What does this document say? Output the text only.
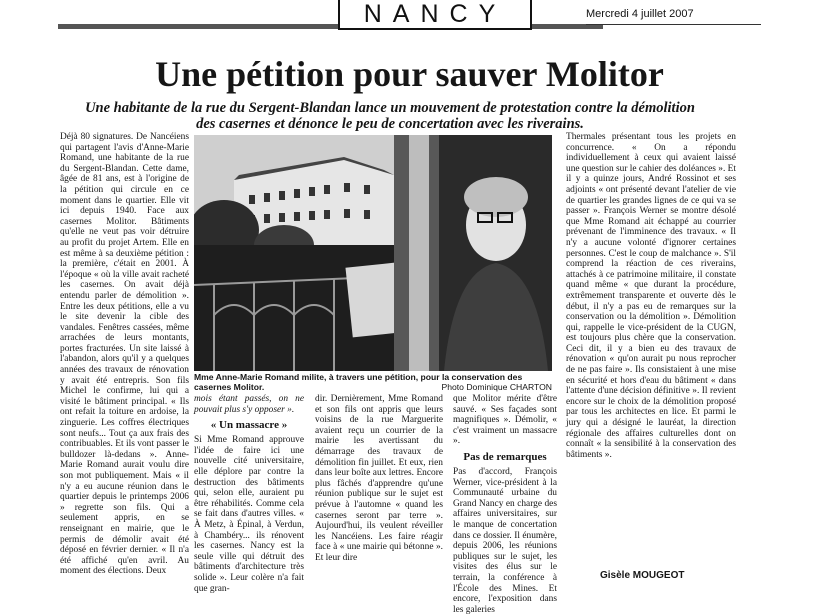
NANCY	Mercredi 4 juillet 2007
Une pétition pour sauver Molitor
Une habitante de la rue du Sergent-Blandan lance un mouvement de protestation contre la démolition des casernes et dénonce le peu de concertation avec les riverains.

Déjà 80 signatures. De Nancéiens qui partagent l'avis d'Anne-Marie Romand, une habitante de la rue du Sergent-Blandan. Cette dame, âgée de 81 ans, est à l'origine de la pétition qui circule en ce moment dans le quartier. Elle vit ici depuis 1940. Face aux casernes Molitor. Bâtiments qu'elle ne veut pas voir détruire au profit du projet Artem. Elle en est même à sa deuxième pétition : la première, c'était en 2001. À l'époque « où la ville avait racheté les casernes. On avait déjà entendu parler de démolition ». Entre les deux pétitions, elle a vu le site devenir la cible des vandales. Fenêtres cassées, même arrachées de leurs montants, portes fracturées. Un site laissé à l'abandon, alors qu'il y a quelques années des travaux de rénovation y avait été entrepris. Son fils Michel le confirme, lui qui a visité le bâtiment principal. « Ils ont refait la toiture en ardoise, la zinguerie. Les coffres électriques sont neufs... Tout ça aux frais des contribuables. Et ils vont passer le bulldozer là-dedans ». Anne-Marie Romand aurait voulu dire son mot publiquement. Mais « il n'y a eu aucune réunion dans le quartier depuis le printemps 2006 » regrette son fils. Qui a seulement appris, en se renseignant en mairie, que le permis de démolir avait été déposé en février dernier. « Il n'a été affiché qu'en avril. Au moment des élections. Deux

Mme Anne-Marie Romand milite, à travers une pétition, pour la conservation des casernes Molitor.	Photo Dominique CHARTON

mois étant passés, on ne pouvait plus s'y opposer ».

« Un massacre »

Si Mme Romand approuve l'idée de faire ici une nouvelle cité universitaire, elle déplore par contre la destruction des bâtiments qui, selon elle, auraient pu être réhabilités. Comme cela se fait dans d'autres villes. « À Metz, à Épinal, à Verdun, à Chambéry... ils rénovent les casernes. Nancy est la seule ville qui détruit des bâtiments d'architecture très solide ». Leur colère n'a fait que gran-

dir. Dernièrement, Mme Romand et son fils ont appris que leurs voisins de la rue Marguerite avaient reçu un courrier de la mairie les avertissant du démarrage des travaux de démolition fin juillet. Et eux, rien dans leur boîte aux lettres. Encore plus fâchés d'apprendre qu'une réunion publique sur le sujet est prévue à l'automne « quand les casernes seront par terre ». Aujourd'hui, ils veulent réveiller les Nancéiens. Les faire réagir face à « une mairie qui bétonne ». Et leur dire

que Molitor mérite d'être sauvé. « Ses façades sont magnifiques ». Démolir, « c'est vraiment un massacre ».

Pas de remarques

Pas d'accord, François Werner, vice-président à la Communauté urbaine du Grand Nancy en charge des affaires universitaires, sur le manque de concertation dans ce dossier. Il énumère, depuis 2006, les réunions publiques sur le sujet, les visites des élus sur le terrain, la conférence à l'École des Mines. Et encore, l'exposition dans les galeries

Thermales présentant tous les projets en concurrence. « On a répondu individuellement à ceux qui avaient laissé une question sur le cahier des doléances ». Et il y a quinze jours, André Rossinot et ses adjoints « ont présenté devant l'atelier de vie de quartier les grandes lignes de ce qui va se passer ». François Werner se montre désolé que Mme Romand ait échappé au courrier prévenant de l'imminence des travaux. « Il n'y a aucune volonté d'ignorer certaines personnes. C'est le coup de malchance ». S'il comprend la réaction de ces riverains, attachés à ce patrimoine militaire, il constate quand même « que durant la procédure, extrêmement transparente et ouverte dès le début, il n'y a pas eu de remarques sur la conservation ou la démolition ». Démolition qui, rappelle le vice-président de la CUGN, est toujours plus chère que la conservation. Ceci dit, il y a bien eu des travaux de rénovation « qu'on aurait pu nous reprocher de ne pas faire ». Ils consistaient à une mise en sécurité et hors d'eau du bâtiment « dans l'attente d'une décision définitive ». Il revient encore sur le choix de la démolition proposé par tous les architectes en lice. Et parmi le jury qui a désigné le lauréat, la direction régionale des affaires culturelles dont on connaît « la sensibilité à la conservation des bâtiments ».

Gisèle MOUGEOT
